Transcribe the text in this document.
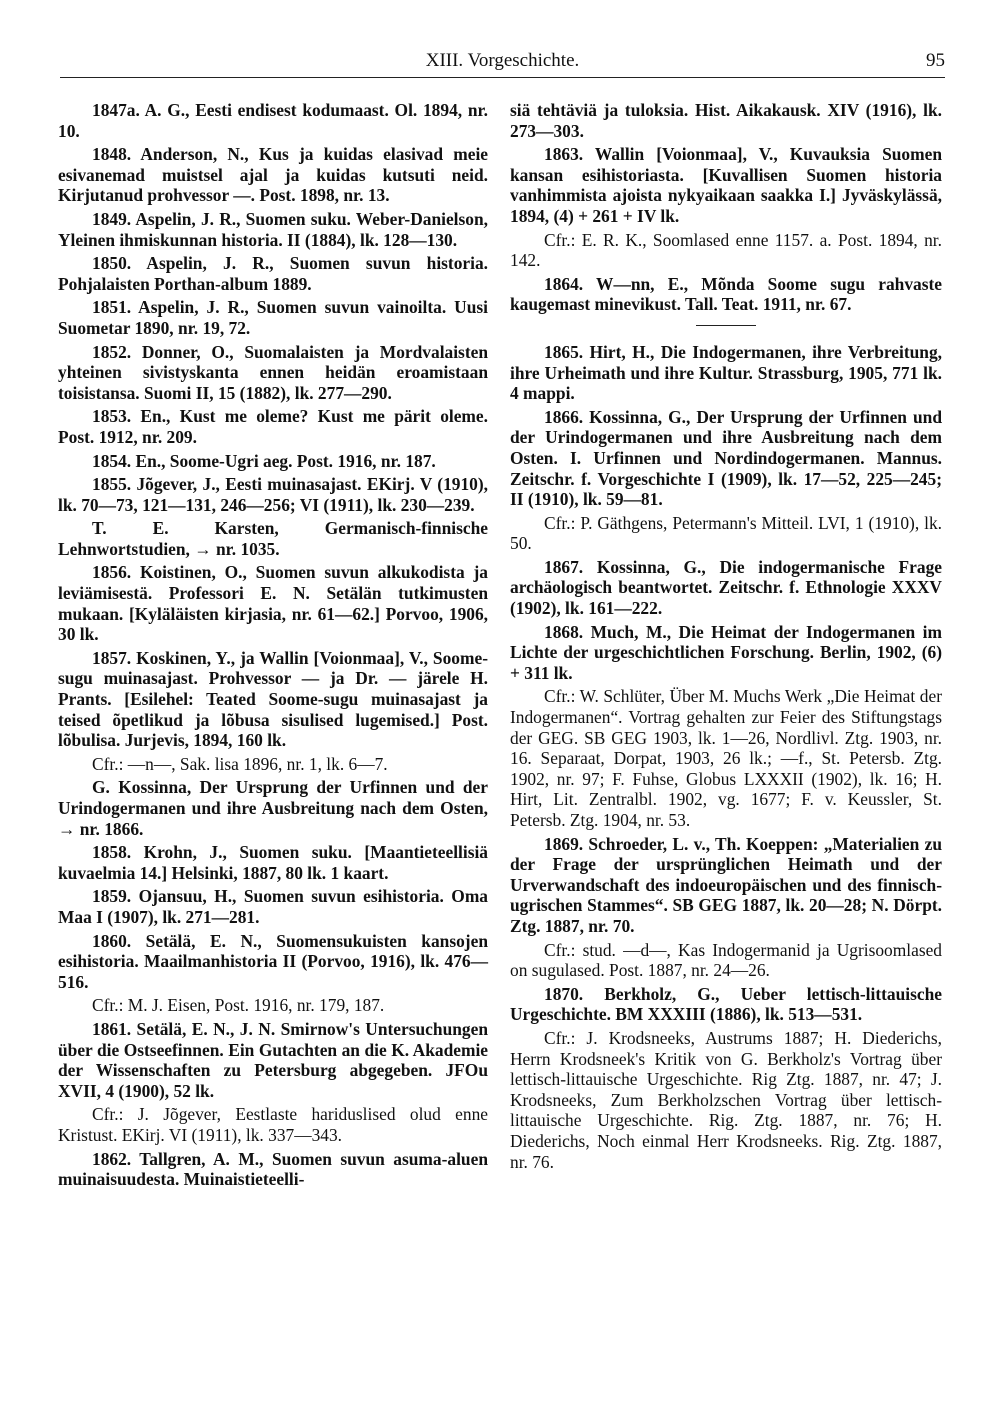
XIII. Vorgeschichte.	95

1847a. A. G., Eesti endisest kodumaast. Ol. 1894, nr. 10.

1848. Anderson, N., Kus ja kuidas elasivad meie esivanemad muistsel ajal ja kuidas kutsuti neid. Kirjutanud prohvessor —. Post. 1898, nr. 13.

1849. Aspelin, J. R., Suomen suku. Weber-Danielson, Yleinen ihmiskunnan historia. II (1884), lk. 128—130.

1850. Aspelin, J. R., Suomen suvun historia. Pohjalaisten Porthan-album 1889.

1851. Aspelin, J. R., Suomen suvun vainoilta. Uusi Suometar 1890, nr. 19, 72.

1852. Donner, O., Suomalaisten ja Mordvalaisten yhteinen sivistyskanta ennen heidän eroamistaan toisistansa. Suomi II, 15 (1882), lk. 277—290.

1853. En., Kust me oleme? Kust me pärit oleme. Post. 1912, nr. 209.

1854. En., Soome-Ugri aeg. Post. 1916, nr. 187.

1855. Jõgever, J., Eesti muinasajast. EKirj. V (1910), lk. 70—73, 121—131, 246—256; VI (1911), lk. 230—239.

T. E. Karsten, Germanisch-finnische Lehnwortstudien, → nr. 1035.

1856. Koistinen, O., Suomen suvun alkukodista ja leviämisestä. Professori E. N. Setälän tutkimusten mukaan. [Kyläläisten kirjasia, nr. 61—62.] Porvoo, 1906, 30 lk.

1857. Koskinen, Y., ja Wallin [Voionmaa], V., Soome-sugu muinasajast. Prohvessor — ja Dr. — järele H. Prants. [Esilehel: Teated Soome-sugu muinasajast ja teised õpetlikud ja lõbusa sisulised lugemised.] Post. lõbulisa. Jurjevis, 1894, 160 lk.

Cfr.: —n—, Sak. lisa 1896, nr. 1, lk. 6—7.

G. Kossinna, Der Ursprung der Urfinnen und der Urindogermanen und ihre Ausbreitung nach dem Osten, → nr. 1866.

1858. Krohn, J., Suomen suku. [Maantieteellisiä kuvaelmia 14.] Helsinki, 1887, 80 lk. 1 kaart.

1859. Ojansuu, H., Suomen suvun esihistoria. Oma Maa I (1907), lk. 271—281.

1860. Setälä, E. N., Suomensukuisten kansojen esihistoria. Maailmanhistoria II (Porvoo, 1916), lk. 476—516.

Cfr.: M. J. Eisen, Post. 1916, nr. 179, 187.

1861. Setälä, E. N., J. N. Smirnow's Untersuchungen über die Ostseefinnen. Ein Gutachten an die K. Akademie der Wissenschaften zu Petersburg abgegeben. JFOu XVII, 4 (1900), 52 lk.

Cfr.: J. Jõgever, Eestlaste hariduslised olud enne Kristust. EKirj. VI (1911), lk. 337—343.

1862. Tallgren, A. M., Suomen suvun asuma-aluen muinaisuudesta. Muinaistieteelli-

siä tehtäviä ja tuloksia. Hist. Aikakausk. XIV (1916), lk. 273—303.

1863. Wallin [Voionmaa], V., Kuvauksia Suomen kansan esihistoriasta. [Kuvallisen Suomen historia vanhimmista ajoista nykyaikaan saakka I.] Jyväskylässä, 1894, (4) + 261 + IV lk.

Cfr.: E. R. K., Soomlased enne 1157. a. Post. 1894, nr. 142.

1864. W—nn, E., Mõnda Soome sugu rahvaste kaugemast minevikust. Tall. Teat. 1911, nr. 67.

1865. Hirt, H., Die Indogermanen, ihre Verbreitung, ihre Urheimath und ihre Kultur. Strassburg, 1905, 771 lk. 4 mappi.

1866. Kossinna, G., Der Ursprung der Urfinnen und der Urindogermanen und ihre Ausbreitung nach dem Osten. I. Urfinnen und Nordindogermanen. Mannus. Zeitschr. f. Vorgeschichte I (1909), lk. 17—52, 225—245; II (1910), lk. 59—81.

Cfr.: P. Gäthgens, Petermann's Mitteil. LVI, 1 (1910), lk. 50.

1867. Kossinna, G., Die indogermanische Frage archäologisch beantwortet. Zeitschr. f. Ethnologie XXXV (1902), lk. 161—222.

1868. Much, M., Die Heimat der Indogermanen im Lichte der urgeschichtlichen Forschung. Berlin, 1902, (6) + 311 lk.

Cfr.: W. Schlüter, Über M. Muchs Werk „Die Heimat der Indogermanen“. Vortrag gehalten zur Feier des Stiftungstags der GEG. SB GEG 1903, lk. 1—26, Nordlivl. Ztg. 1903, nr. 16. Separaat, Dorpat, 1903, 26 lk.; —f., St. Petersb. Ztg. 1902, nr. 97; F. Fuhse, Globus LXXXII (1902), lk. 16; H. Hirt, Lit. Zentralbl. 1902, vg. 1677; F. v. Keussler, St. Petersb. Ztg. 1904, nr. 53.

1869. Schroeder, L. v., Th. Koeppen: „Materialien zu der Frage der ursprünglichen Heimath und der Urverwandschaft des indoeuropäischen und des finnisch-ugrischen Stammes“. SB GEG 1887, lk. 20—28; N. Dörpt. Ztg. 1887, nr. 70.

Cfr.: stud. —d—, Kas Indogermanid ja Ugrisoomlased on sugulased. Post. 1887, nr. 24—26.

1870. Berkholz, G., Ueber lettisch-littauische Urgeschichte. BM XXXIII (1886), lk. 513—531.

Cfr.: J. Krodsneeks, Austrums 1887; H. Diederichs, Herrn Krodsneek's Kritik von G. Berkholz's Vortrag über lettisch-littauische Urgeschichte. Rig Ztg. 1887, nr. 47; J. Krodsneeks, Zum Berkholzschen Vortrag über lettisch-littauische Urgeschichte. Rig. Ztg. 1887, nr. 76; H. Diederichs, Noch einmal Herr Krodsneeks. Rig. Ztg. 1887, nr. 76.
